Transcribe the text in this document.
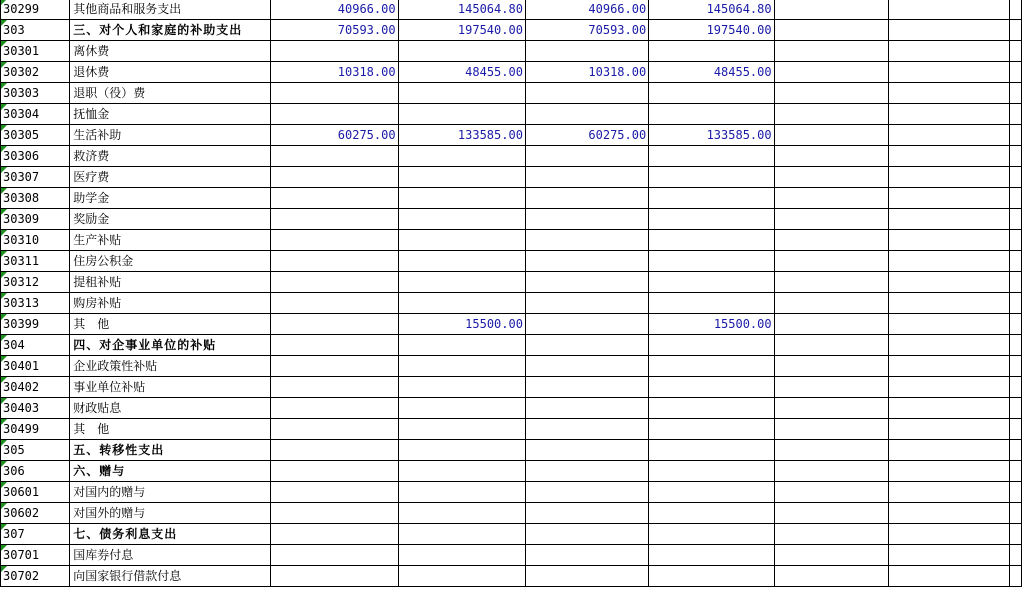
30299	其他商品和服务支出	40966.00	145064.80	40966.00	145064.80			
303	三、对个人和家庭的补助支出	70593.00	197540.00	70593.00	197540.00			
30301	离休费							
30302	退休费	10318.00	48455.00	10318.00	48455.00			
30303	退职（役）费							
30304	抚恤金							
30305	生活补助	60275.00	133585.00	60275.00	133585.00			
30306	救济费							
30307	医疗费							
30308	助学金							
30309	奖励金							
30310	生产补贴							
30311	住房公积金							
30312	提租补贴							
30313	购房补贴							
30399	其　他		15500.00		15500.00			
304	四、对企事业单位的补贴							
30401	企业政策性补贴							
30402	事业单位补贴							
30403	财政贴息							
30499	其　他							
305	五、转移性支出							
306	六、赠与							
30601	对国内的赠与							
30602	对国外的赠与							
307	七、债务利息支出							
30701	国库券付息							
30702	向国家银行借款付息							
